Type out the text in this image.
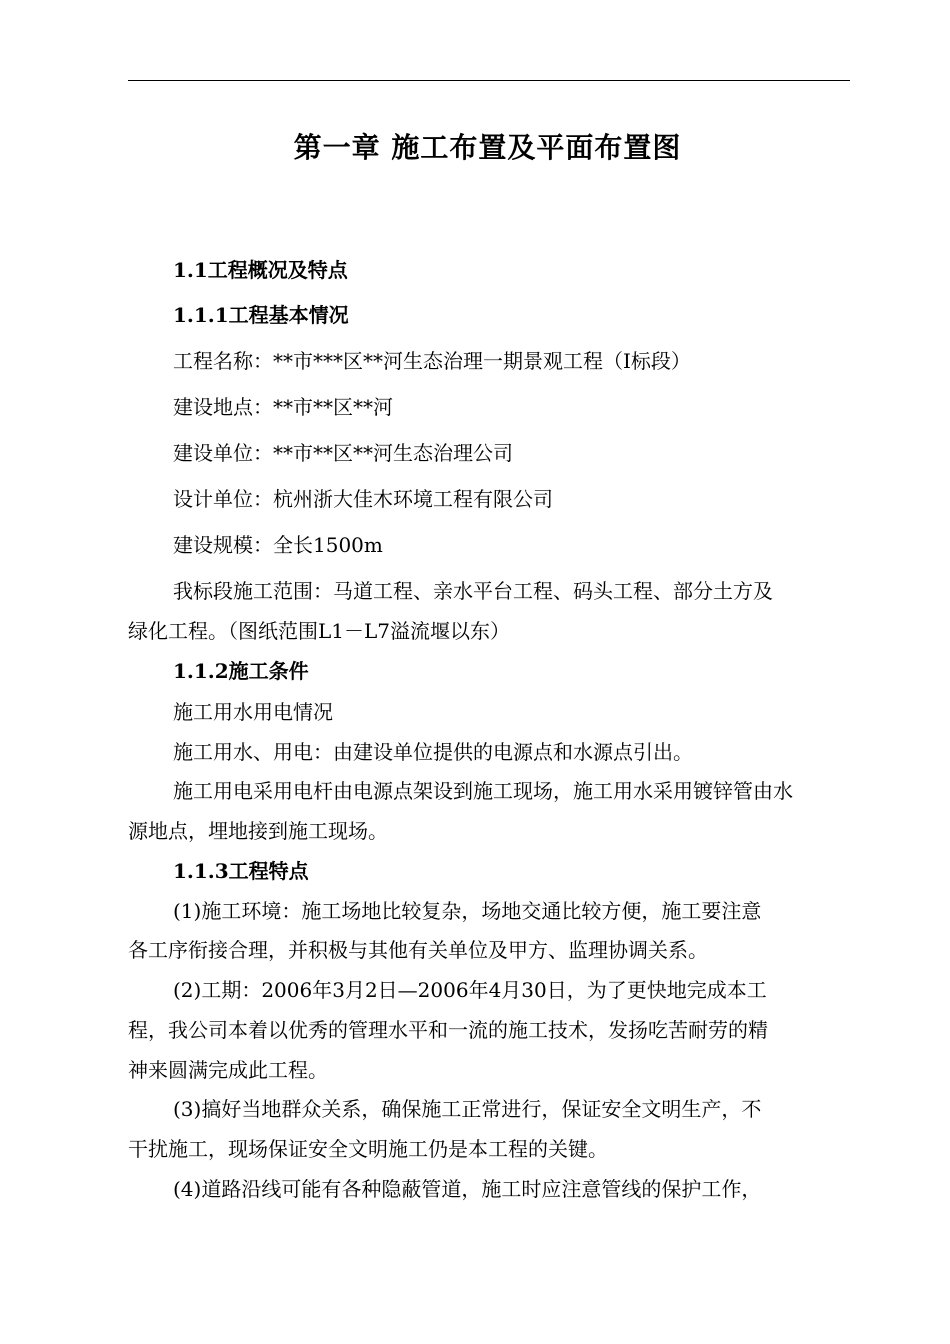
第一章 施工布置及平面布置图
1.1工程概况及特点
1.1.1工程基本情况
工程名称：**市***区**河生态治理一期景观工程（Ⅰ标段）
建设地点：**市**区**河
建设单位：**市**区**河生态治理公司
设计单位：杭州浙大佳木环境工程有限公司
建设规模：全长1500m
我标段施工范围：马道工程、亲水平台工程、码头工程、部分土方及
绿化工程。（图纸范围L1－L7溢流堰以东）
1.1.2施工条件
施工用水用电情况
施工用水、用电：由建设单位提供的电源点和水源点引出。
施工用电采用电杆由电源点架设到施工现场，施工用水采用镀锌管由水
源地点，埋地接到施工现场。
1.1.3工程特点
(1)施工环境：施工场地比较复杂，场地交通比较方便，施工要注意
各工序衔接合理，并积极与其他有关单位及甲方、监理协调关系。
(2)工期：2006年3月2日—2006年4月30日，为了更快地完成本工
程，我公司本着以优秀的管理水平和一流的施工技术，发扬吃苦耐劳的精
神来圆满完成此工程。
(3)搞好当地群众关系，确保施工正常进行，保证安全文明生产，不
干扰施工，现场保证安全文明施工仍是本工程的关键。
(4)道路沿线可能有各种隐蔽管道，施工时应注意管线的保护工作，
